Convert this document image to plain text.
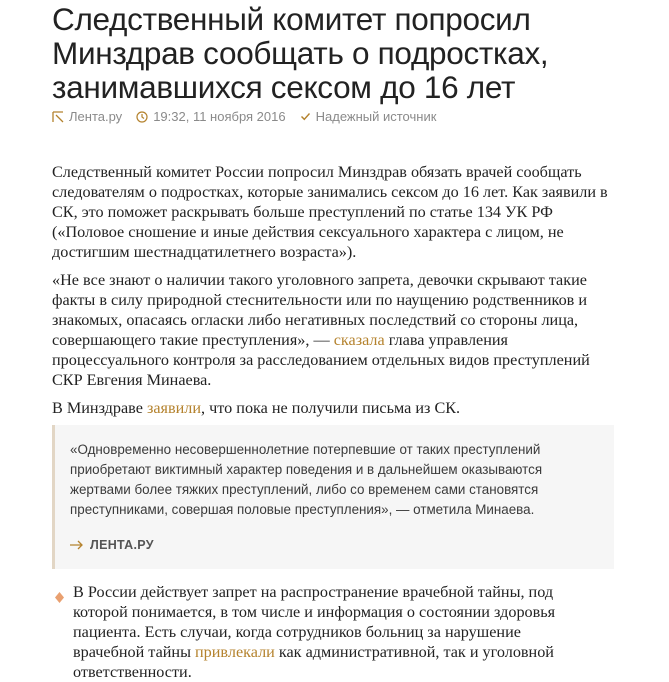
Следственный комитет попросил Минздрав сообщать о подростках, занимавшихся сексом до 16 лет
Лента.ру 19:32, 11 ноября 2016 Надежный источник

Следственный комитет России попросил Минздрав обязать врачей сообщать следователям о подростках, которые занимались сексом до 16 лет. Как заявили в СК, это поможет раскрывать больше преступлений по статье 134 УК РФ («Половое сношение и иные действия сексуального характера с лицом, не достигшим шестнадцатилетнего возраста»).

«Не все знают о наличии такого уголовного запрета, девочки скрывают такие факты в силу природной стеснительности или по наущению родственников и знакомых, опасаясь огласки либо негативных последствий со стороны лица, совершающего такие преступления», — сказала глава управления процессуального контроля за расследованием отдельных видов преступлений СКР Евгения Минаева.

В Минздраве заявили, что пока не получили письма из СК.

«Одновременно несовершеннолетние потерпевшие от таких преступлений приобретают виктимный характер поведения и в дальнейшем оказываются жертвами более тяжких преступлений, либо со временем сами становятся преступниками, совершая половые преступления», — отметила Минаева.

ЛЕНТА.РУ

В России действует запрет на распространение врачебной тайны, под которой понимается, в том числе и информация о состоянии здоровья пациента. Есть случаи, когда сотрудников больниц за нарушение врачебной тайны привлекали как административной, так и уголовной ответственности.
